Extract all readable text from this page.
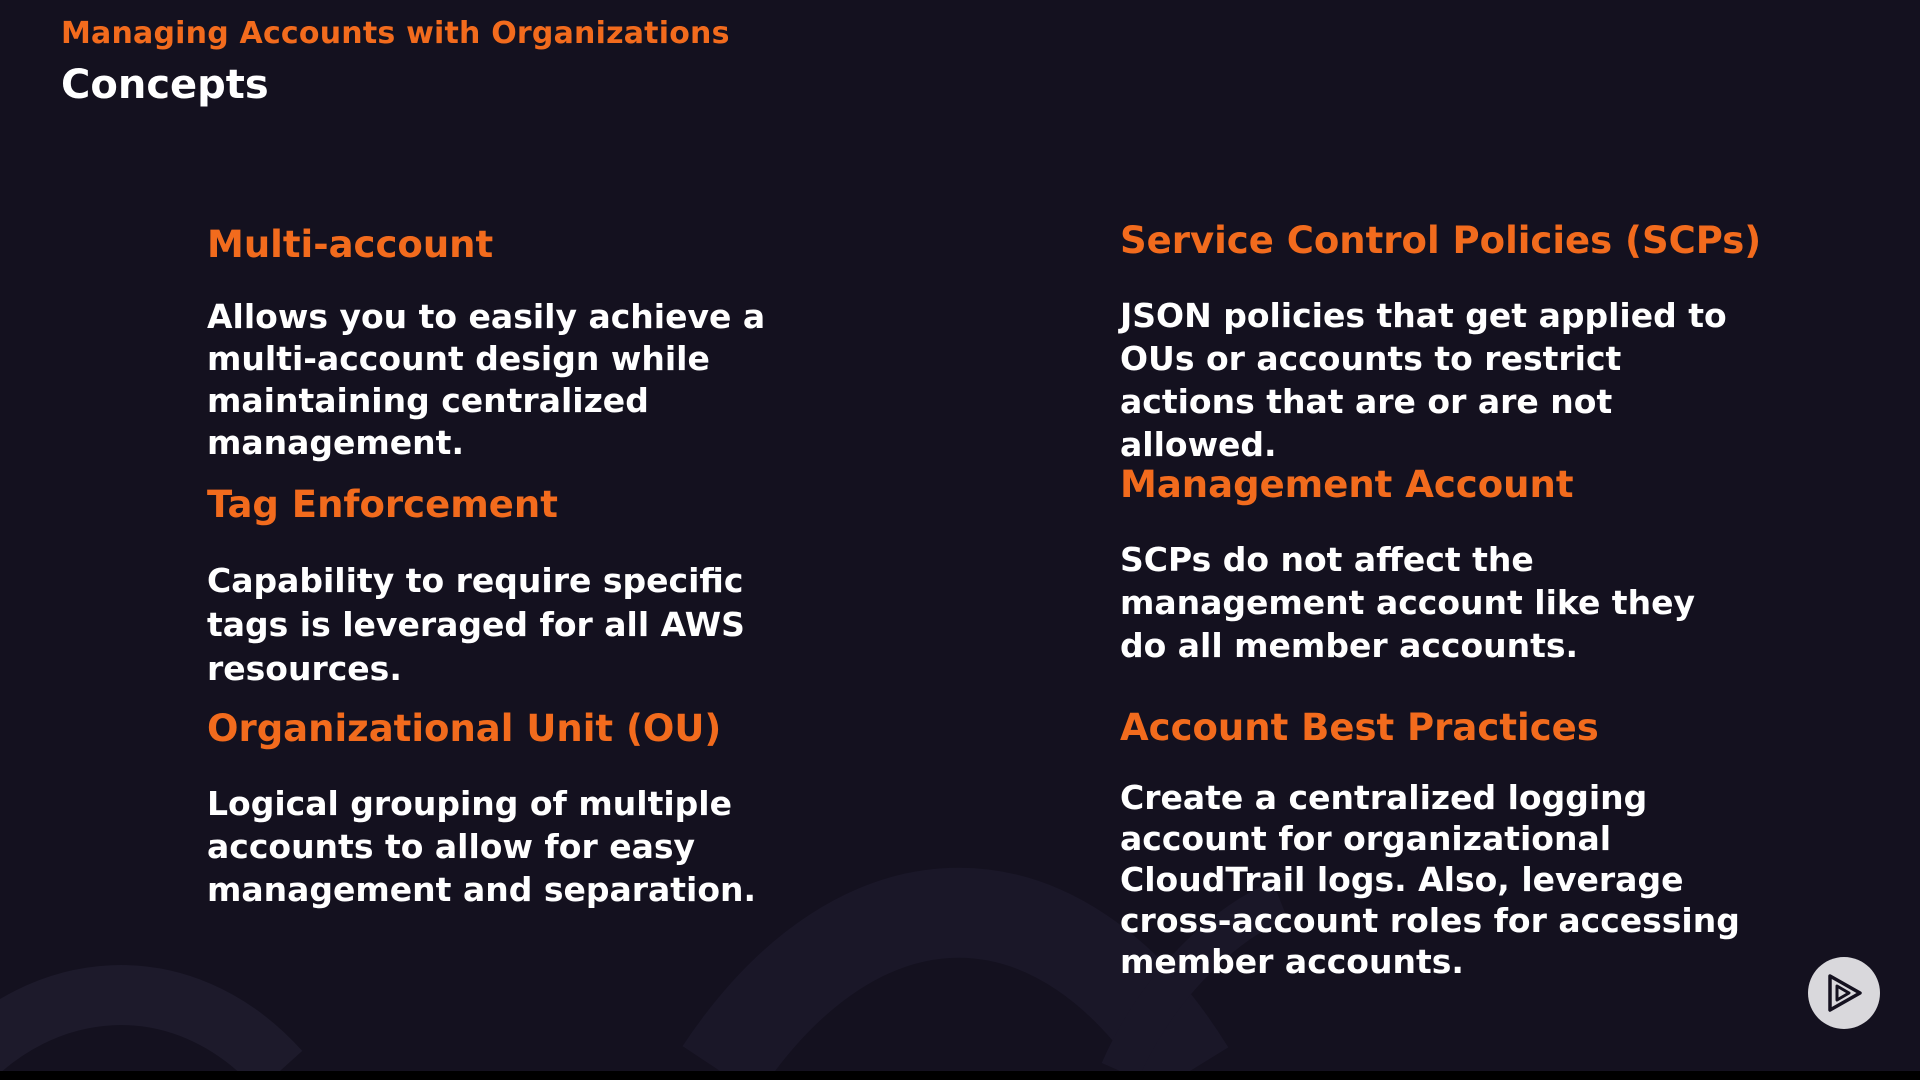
Managing Accounts with Organizations
Concepts
Multi-account
Allows you to easily achieve a multi-account design while maintaining centralized management.
Tag Enforcement
Capability to require specific tags is leveraged for all AWS resources.
Organizational Unit (OU)
Logical grouping of multiple accounts to allow for easy management and separation.
Service Control Policies (SCPs)
JSON policies that get applied to OUs or accounts to restrict actions that are or are not allowed.
Management Account
SCPs do not affect the management account like they do all member accounts.
Account Best Practices
Create a centralized logging account for organizational CloudTrail logs. Also, leverage cross-account roles for accessing member accounts.
